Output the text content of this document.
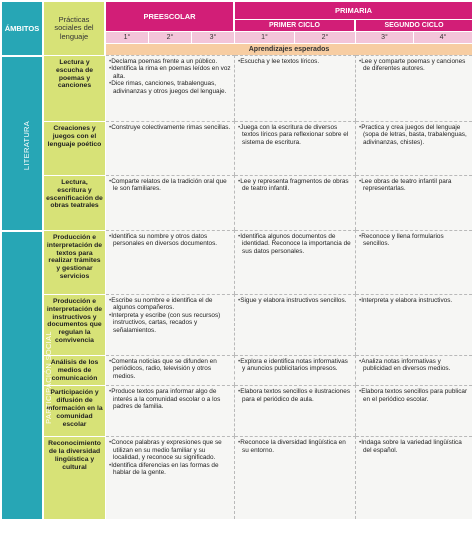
ÁMBITOS	Prácticas sociales del lenguaje	PREESCOLAR			PRIMARIA			
					PRIMER CICLO		SEGUNDO CICLO	
		1°	2°	3°	1°	2°	3°	4°
		Aprendizajes esperados						
LITERATURA	Lectura y escucha de poemas y canciones	• Declama poemas frente a un público.
• Identifica la rima en poemas leídos en voz alta.
• Dice rimas, canciones, trabalenguas, adivinanzas y otros juegos del lenguaje.			• Escucha y lee textos líricos.		• Lee y comparte poemas y canciones de diferentes autores.

	Creaciones y juegos con el lenguaje poético	• Construye colectivamente rimas sencillas.			• Juega con la escritura de diversos textos líricos para reflexionar sobre el sistema de escritura.		• Practica y crea juegos del lenguaje (sopa de letras, basta, trabalenguas, adivinanzas, chistes).

	Lectura, escritura y escenificación de obras teatrales	• Comparte relatos de la tradición oral que le son familiares.			• Lee y representa fragmentos de obras de teatro infantil.		• Lee obras de teatro infantil para representarlas.

PARTICIPACIÓN SOCIAL	Producción e interpretación de textos para realizar trámites y gestionar servicios	• Identifica su nombre y otros datos personales en diversos documentos.			• Identifica algunos documentos de identidad. Reconoce la importancia de sus datos personales.		• Reconoce y llena formularios sencillos.

	Producción e interpretación de instructivos y documentos que regulan la convivencia	• Escribe su nombre e identifica el de algunos compañeros.
• Interpreta y escribe (con sus recursos) instructivos, cartas, recados y señalamientos.			• Sigue y elabora instructivos sencillos.		• Interpreta y elabora instructivos.

	Análisis de los medios de comunicación	• Comenta noticias que se difunden en periódicos, radio, televisión y otros medios.			• Explora e identifica notas informativas y anuncios publicitarios impresos.		• Analiza notas informativas y publicidad en diversos medios.

	Participación y difusión de información en la comunidad escolar	• Produce textos para informar algo de interés a la comunidad escolar o a los padres de familia.			• Elabora textos sencillos e ilustraciones para el periódico de aula.		• Elabora textos sencillos para publicar en el periódico escolar.

	Reconocimiento de la diversidad lingüística y cultural	• Conoce palabras y expresiones que se utilizan en su medio familiar y su localidad, y reconoce su significado.
• Identifica diferencias en las formas de hablar de la gente.			• Reconoce la diversidad lingüística en su entorno.		• Indaga sobre la variedad lingüística del español.
